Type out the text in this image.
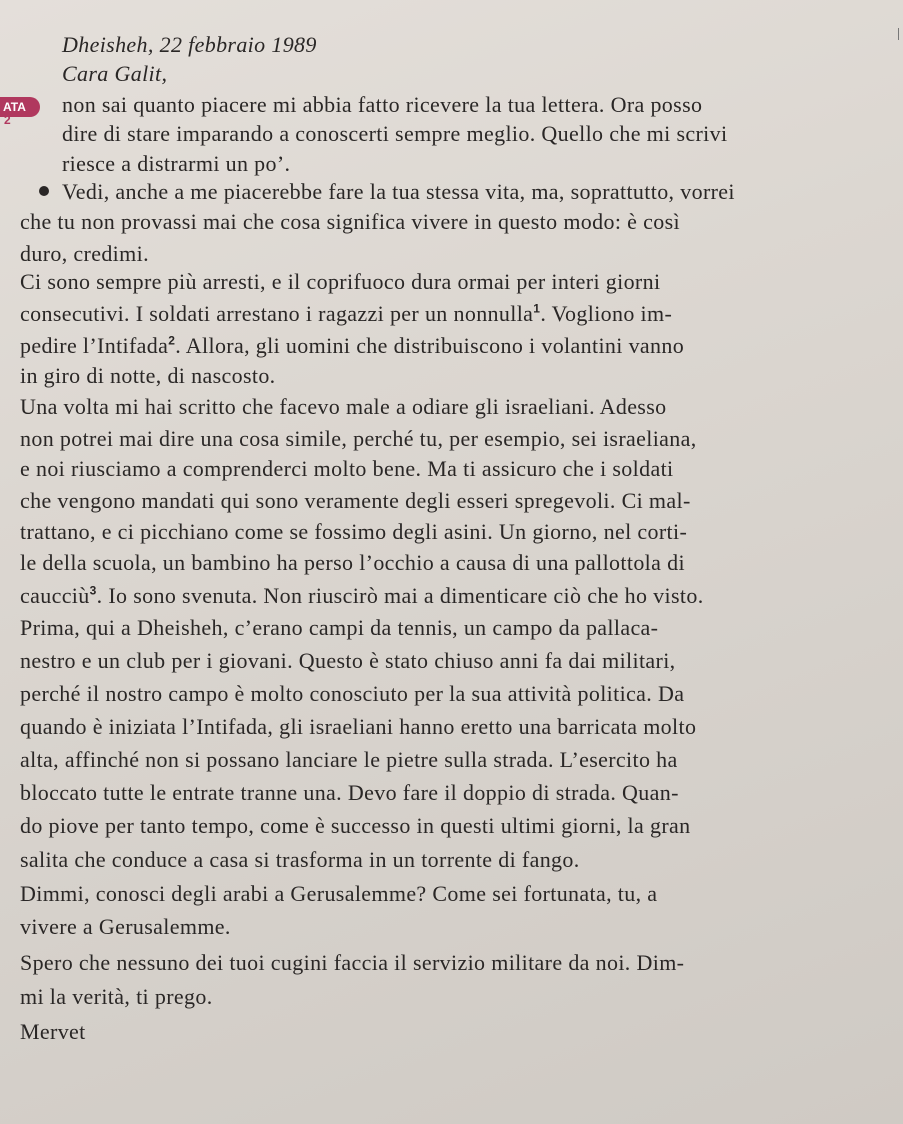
ATA
2
Dheisheh, 22 febbraio 1989
Cara Galit,
non sai quanto piacere mi abbia fatto ricevere la tua lettera. Ora posso
dire di stare imparando a conoscerti sempre meglio. Quello che mi scrivi
riesce a distrarmi un po’.
Vedi, anche a me piacerebbe fare la tua stessa vita, ma, soprattutto, vorrei
che tu non provassi mai che cosa significa vivere in questo modo: è così
duro, credimi.
Ci sono sempre più arresti, e il coprifuoco dura ormai per interi giorni
consecutivi. I soldati arrestano i ragazzi per un nonnulla$^1$. Vogliono im-
pedire l’Intifada$^2$. Allora, gli uomini che distribuiscono i volantini vanno
in giro di notte, di nascosto.
Una volta mi hai scritto che facevo male a odiare gli israeliani. Adesso
non potrei mai dire una cosa simile, perché tu, per esempio, sei israeliana,
e noi riusciamo a comprenderci molto bene. Ma ti assicuro che i soldati
che vengono mandati qui sono veramente degli esseri spregevoli. Ci mal-
trattano, e ci picchiano come se fossimo degli asini. Un giorno, nel corti-
le della scuola, un bambino ha perso l’occhio a causa di una pallottola di
caucciù$^3$. Io sono svenuta. Non riuscirò mai a dimenticare ciò che ho visto.
Prima, qui a Dheisheh, c’erano campi da tennis, un campo da pallaca-
nestro e un club per i giovani. Questo è stato chiuso anni fa dai militari,
perché il nostro campo è molto conosciuto per la sua attività politica. Da
quando è iniziata l’Intifada, gli israeliani hanno eretto una barricata molto
alta, affinché non si possano lanciare le pietre sulla strada. L’esercito ha
bloccato tutte le entrate tranne una. Devo fare il doppio di strada. Quan-
do piove per tanto tempo, come è successo in questi ultimi giorni, la gran
salita che conduce a casa si trasforma in un torrente di fango.
Dimmi, conosci degli arabi a Gerusalemme? Come sei fortunata, tu, a
vivere a Gerusalemme.
Spero che nessuno dei tuoi cugini faccia il servizio militare da noi. Dim-
mi la verità, ti prego.
Mervet
